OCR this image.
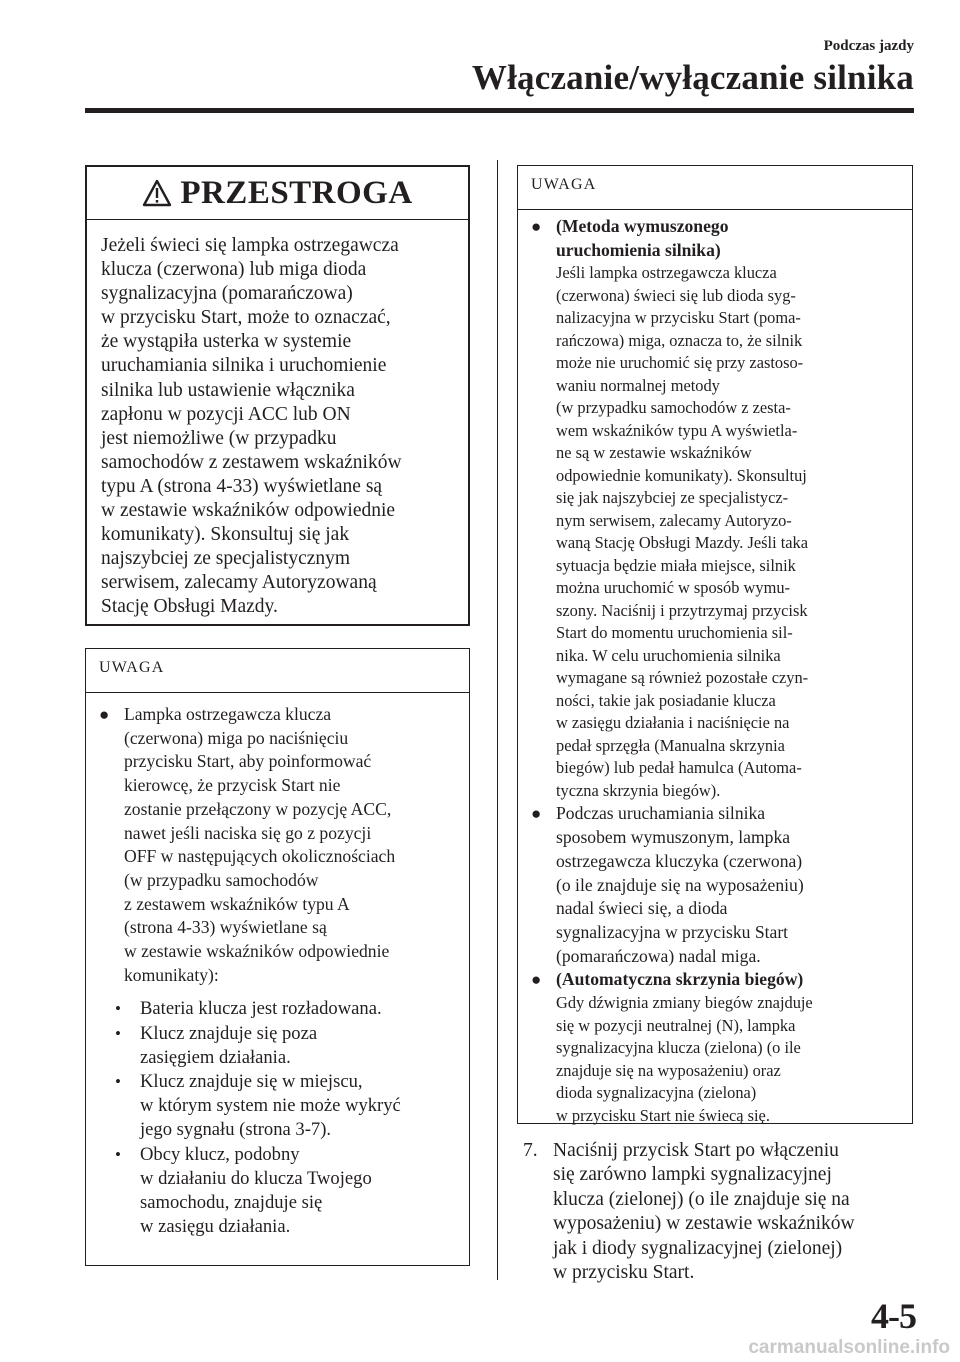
Podczas jazdy
Włączanie/wyłączanie silnika
PRZESTROGA
Jeżeli świeci się lampka ostrzegawcza
klucza (czerwona) lub miga dioda
sygnalizacyjna (pomarańczowa)
w przycisku Start, może to oznaczać,
że wystąpiła usterka w systemie
uruchamiania silnika i uruchomienie
silnika lub ustawienie włącznika
zapłonu w pozycji ACC lub ON
jest niemożliwe (w przypadku
samochodów z zestawem wskaźników
typu A (strona 4-33) wyświetlane są
w zestawie wskaźników odpowiednie
komunikaty). Skonsultuj się jak
najszybciej ze specjalistycznym
serwisem, zalecamy Autoryzowaną
Stację Obsługi Mazdy.
UWAGA
● Lampka ostrzegawcza klucza
(czerwona) miga po naciśnięciu
przycisku Start, aby poinformować
kierowcę, że przycisk Start nie
zostanie przełączony w pozycję ACC,
nawet jeśli naciska się go z pozycji
OFF w następujących okolicznościach
(w przypadku samochodów
z zestawem wskaźników typu A
(strona 4-33) wyświetlane są
w zestawie wskaźników odpowiednie
komunikaty):
•	Bateria klucza jest rozładowana.
•	Klucz znajduje się poza
zasięgiem działania.
•	Klucz znajduje się w miejscu,
w którym system nie może wykryć
jego sygnału (strona 3-7).
•	Obcy klucz, podobny
w działaniu do klucza Twojego
samochodu, znajduje się
w zasięgu działania.
UWAGA
● (Metoda wymuszonego
uruchomienia silnika)
Jeśli lampka ostrzegawcza klucza
(czerwona) świeci się lub dioda syg-
nalizacyjna w przycisku Start (poma-
rańczowa) miga, oznacza to, że silnik
może nie uruchomić się przy zastoso-
waniu normalnej metody
(w przypadku samochodów z zesta-
wem wskaźników typu A wyświetla-
ne są w zestawie wskaźników
odpowiednie komunikaty). Skonsultuj
się jak najszybciej ze specjalistycz-
nym serwisem, zalecamy Autoryzo-
waną Stację Obsługi Mazdy. Jeśli taka
sytuacja będzie miała miejsce, silnik
można uruchomić w sposób wymu-
szony. Naciśnij i przytrzymaj przycisk
Start do momentu uruchomienia sil-
nika. W celu uruchomienia silnika
wymagane są również pozostałe czyn-
ności, takie jak posiadanie klucza
w zasięgu działania i naciśnięcie na
pedał sprzęgła (Manualna skrzynia
biegów) lub pedał hamulca (Automa-
tyczna skrzynia biegów).
● Podczas uruchamiania silnika
sposobem wymuszonym, lampka
ostrzegawcza kluczyka (czerwona)
(o ile znajduje się na wyposażeniu)
nadal świeci się, a dioda
sygnalizacyjna w przycisku Start
(pomarańczowa) nadal miga.
● (Automatyczna skrzynia biegów)
Gdy dźwignia zmiany biegów znajduje
się w pozycji neutralnej (N), lampka
sygnalizacyjna klucza (zielona) (o ile
znajduje się na wyposażeniu) oraz
dioda sygnalizacyjna (zielona)
w przycisku Start nie świecą się.
7. Naciśnij przycisk Start po włączeniu
się zarówno lampki sygnalizacyjnej
klucza (zielonej) (o ile znajduje się na
wyposażeniu) w zestawie wskaźników
jak i diody sygnalizacyjnej (zielonej)
w przycisku Start.
4-5
carmanualsonline.info
